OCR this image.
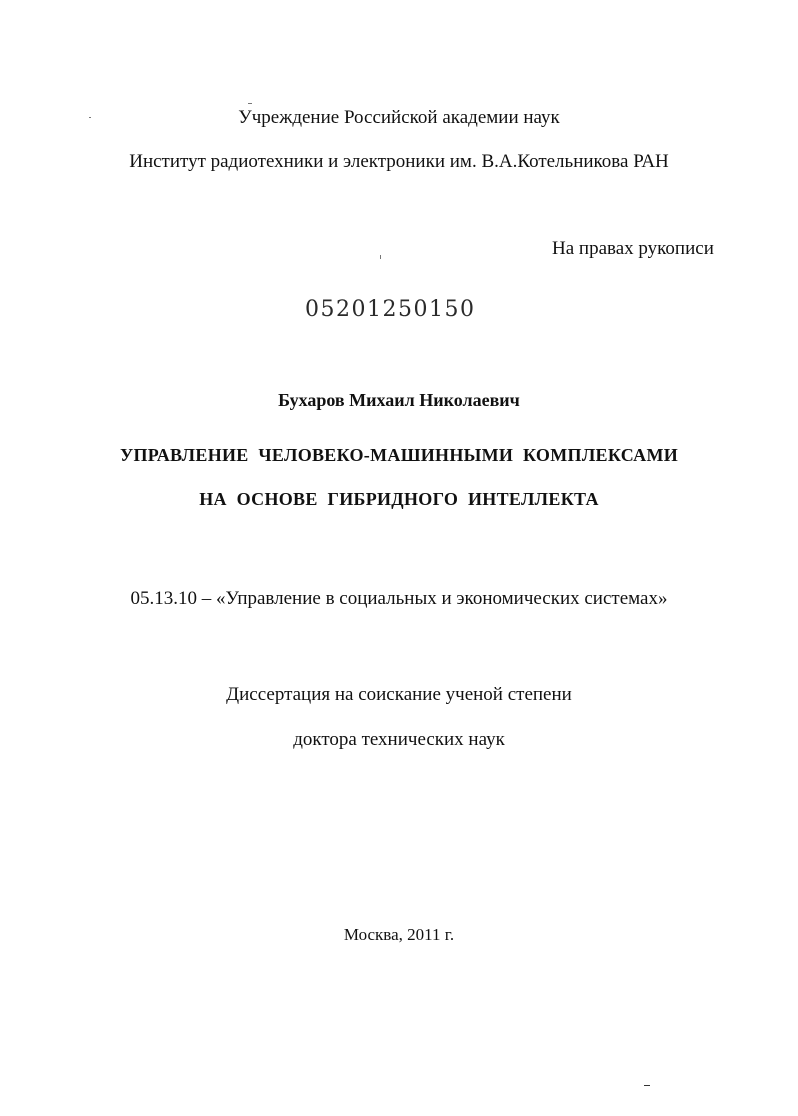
Учреждение Российской академии наук
Институт радиотехники и электроники им. В.А.Котельникова РАН
На правах рукописи
05201250150
Бухаров Михаил Николаевич
УПРАВЛЕНИЕ ЧЕЛОВЕКО-МАШИННЫМИ КОМПЛЕКСАМИ
НА ОСНОВЕ ГИБРИДНОГО ИНТЕЛЛЕКТА
05.13.10 – «Управление в социальных и экономических системах»
Диссертация на соискание ученой степени
доктора технических наук
Москва, 2011 г.
